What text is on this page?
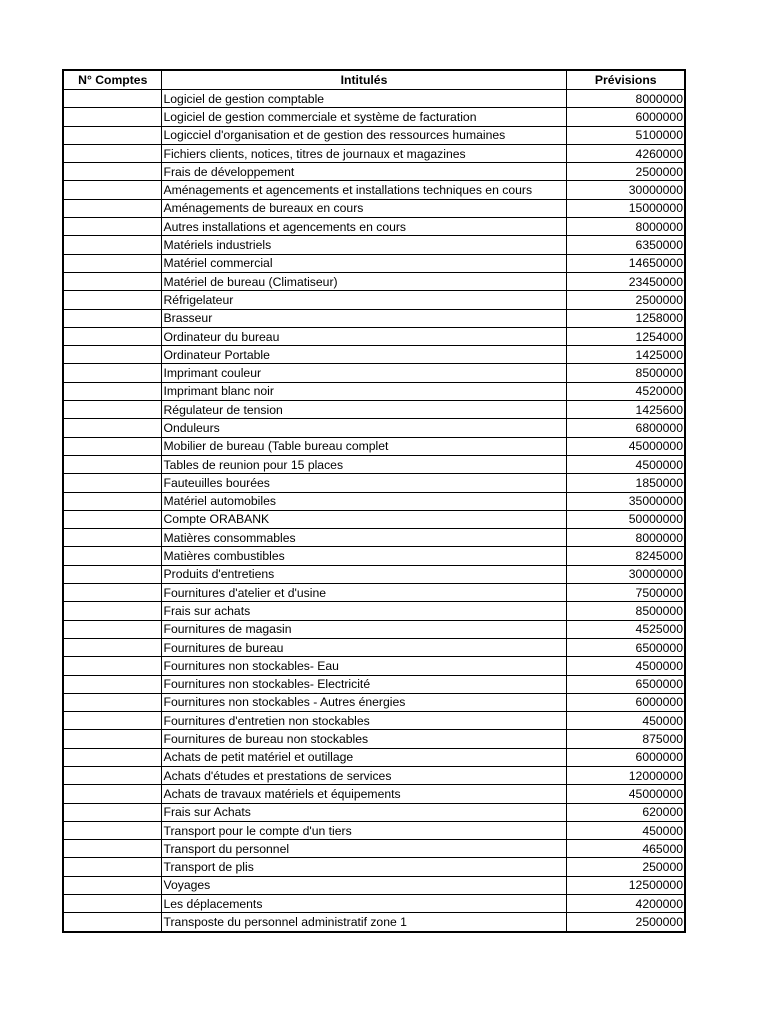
N° Comptes	Intitulés	Prévisions
	Logiciel de gestion comptable	8000000
	Logiciel de gestion commerciale et système de facturation	6000000
	Logicciel d'organisation et de gestion des ressources humaines	5100000
	Fichiers clients, notices, titres de journaux et magazines	4260000
	Frais de développement	2500000
	Aménagements et agencements et installations techniques en cours	30000000
	Aménagements de bureaux en cours	15000000
	Autres installations et agencements en cours	8000000
	Matériels industriels	6350000
	Matériel commercial	14650000
	Matériel de bureau (Climatiseur)	23450000
	Réfrigelateur	2500000
	Brasseur	1258000
	Ordinateur du bureau	1254000
	Ordinateur Portable	1425000
	Imprimant couleur	8500000
	Imprimant blanc noir	4520000
	Régulateur de tension	1425600
	Onduleurs	6800000
	Mobilier de bureau (Table bureau complet	45000000
	Tables de reunion pour 15 places	4500000
	Fauteuilles bourées	1850000
	Matériel automobiles	35000000
	Compte ORABANK	50000000
	Matières consommables	8000000
	Matières combustibles	8245000
	Produits d'entretiens	30000000
	Fournitures d'atelier et d'usine	7500000
	Frais sur achats	8500000
	Fournitures de magasin	4525000
	Fournitures de bureau	6500000
	Fournitures non stockables- Eau	4500000
	Fournitures non stockables- Electricité	6500000
	Fournitures non stockables - Autres énergies	6000000
	Fournitures d'entretien non stockables	450000
	Fournitures de bureau non stockables	875000
	Achats de petit matériel et outillage	6000000
	Achats d'études et prestations de services	12000000
	Achats de travaux matériels et équipements	45000000
	Frais sur Achats	620000
	Transport pour le compte d'un tiers	450000
	Transport du personnel	465000
	Transport de plis	250000
	Voyages	12500000
	Les déplacements	4200000
	Transposte du personnel administratif zone 1	2500000
